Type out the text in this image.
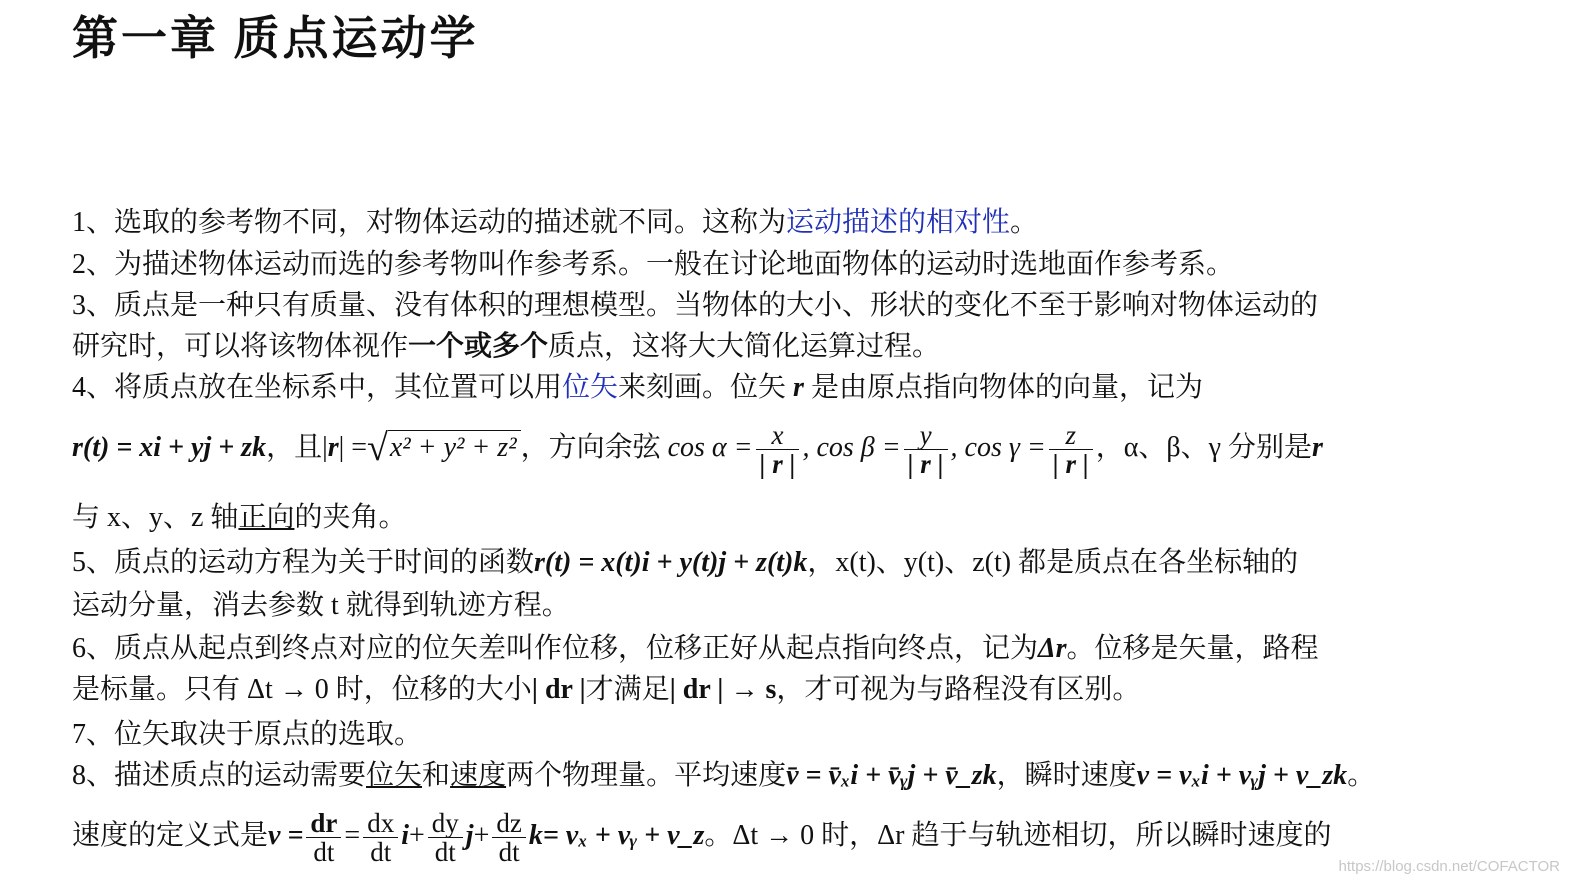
第一章 质点运动学
1、选取的参考物不同，对物体运动的描述就不同。这称为运动描述的相对性。
2、为描述物体运动而选的参考物叫作参考系。一般在讨论地面物体的运动时选地面作参考系。
3、质点是一种只有质量、没有体积的理想模型。当物体的大小、形状的变化不至于影响对物体运动的
研究时，可以将该物体视作一个或多个质点，这将大大简化运算过程。
4、将质点放在坐标系中，其位置可以用位矢来刻画。位矢 r 是由原点指向物体的向量，记为
r(t) = xi + yj + zk，且|r| =√x² + y² + z² ，方向余弦 $\cos \alpha = \frac{x}{| r |}$ , $\cos \beta = \frac{y}{| r |}$ , $\cos \gamma = \frac{z}{| r |}$ ，α、β、γ 分别是r
与 x、y、z 轴正向的夹角。
5、质点的运动方程为关于时间的函数r(t) = x(t)i + y(t)j + z(t)k，x(t)、y(t)、z(t) 都是质点在各坐标轴的
运动分量，消去参数 t 就得到轨迹方程。
6、质点从起点到终点对应的位矢差叫作位移，位移正好从起点指向终点，记为Δr。位移是矢量，路程
是标量。只有 Δt → 0 时，位移的大小| dr |才满足| dr | → s，才可视为与路程没有区别。
7、位矢取决于原点的选取。
8、描述质点的运动需要位矢和速度两个物理量。平均速度v̄ = v̄ₓi + v̄ᵧj + v̄_zk，瞬时速度v = vₓi + vᵧj + v_zk。
速度的定义式是$v = \frac{dr}{dt} = \frac{dx}{dt} i+ \frac{dy}{dt} j+ \frac{dz}{dt} k= v_x$ + vᵧ + v_z。Δt → 0 时，Δr 趋于与轨迹相切，所以瞬时速度的
https://blog.csdn.net/COFACTOR
